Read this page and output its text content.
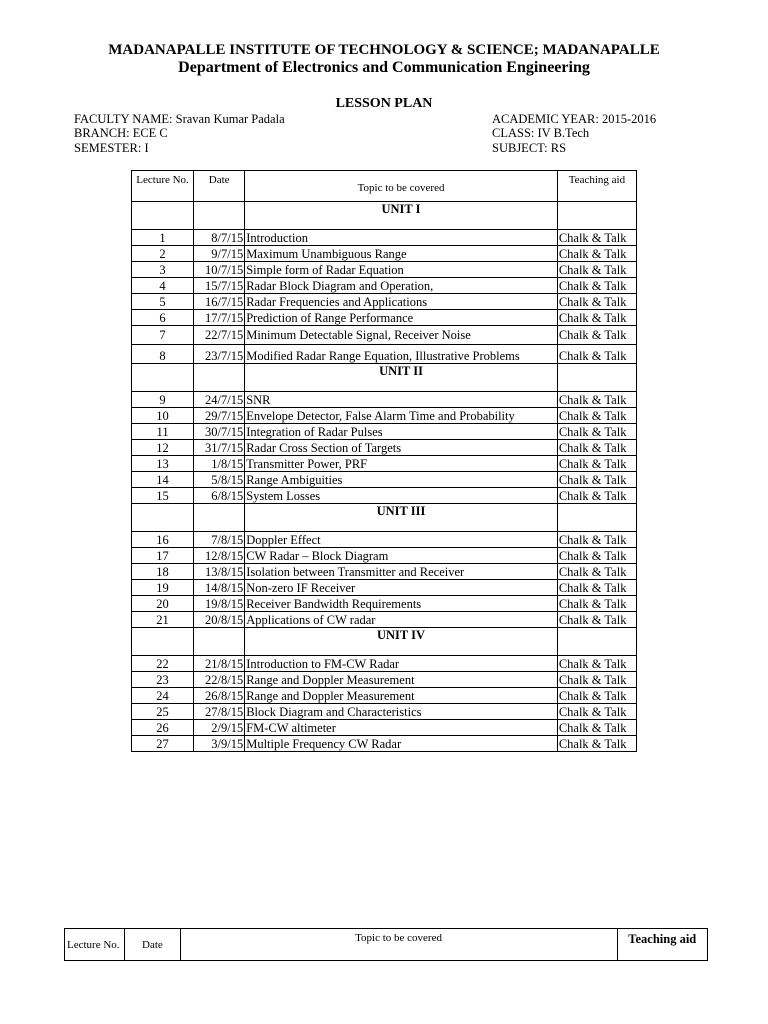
MADANAPALLE INSTITUTE OF TECHNOLOGY & SCIENCE; MADANAPALLE
Department of Electronics and Communication Engineering
LESSON PLAN
FACULTY NAME: Sravan Kumar Padala
BRANCH: ECE C
SEMESTER: I
ACADEMIC YEAR: 2015-2016
CLASS: IV B.Tech
SUBJECT: RS
Lecture No.	Date	Topic to be covered	Teaching aid
		UNIT I	
1	8/7/15	Introduction	Chalk & Talk
2	9/7/15	Maximum Unambiguous Range	Chalk & Talk
3	10/7/15	Simple form of Radar Equation	Chalk & Talk
4	15/7/15	Radar Block Diagram and Operation,	Chalk & Talk
5	16/7/15	Radar Frequencies and Applications	Chalk & Talk
6	17/7/15	Prediction of Range Performance	Chalk & Talk
7	22/7/15	Minimum Detectable Signal, Receiver Noise	Chalk & Talk
8	23/7/15	Modified Radar Range Equation, Illustrative Problems	Chalk & Talk
		UNIT II	
9	24/7/15	SNR	Chalk & Talk
10	29/7/15	Envelope Detector, False Alarm Time and Probability	Chalk & Talk
11	30/7/15	Integration of Radar Pulses	Chalk & Talk
12	31/7/15	Radar Cross Section of Targets	Chalk & Talk
13	1/8/15	Transmitter Power, PRF	Chalk & Talk
14	5/8/15	Range Ambiguities	Chalk & Talk
15	6/8/15	System Losses	Chalk & Talk
		UNIT III	
16	7/8/15	Doppler Effect	Chalk & Talk
17	12/8/15	CW Radar – Block Diagram	Chalk & Talk
18	13/8/15	Isolation between Transmitter and Receiver	Chalk & Talk
19	14/8/15	Non-zero IF Receiver	Chalk & Talk
20	19/8/15	Receiver Bandwidth Requirements	Chalk & Talk
21	20/8/15	Applications of CW radar	Chalk & Talk
		UNIT IV	
22	21/8/15	Introduction to FM-CW Radar	Chalk & Talk
23	22/8/15	Range and Doppler Measurement	Chalk & Talk
24	26/8/15	Range and Doppler Measurement	Chalk & Talk
25	27/8/15	Block Diagram and Characteristics	Chalk & Talk
26	2/9/15	FM-CW altimeter	Chalk & Talk
27	3/9/15	Multiple Frequency CW Radar	Chalk & Talk
Lecture No.	Date	Topic to be covered	Teaching aid
